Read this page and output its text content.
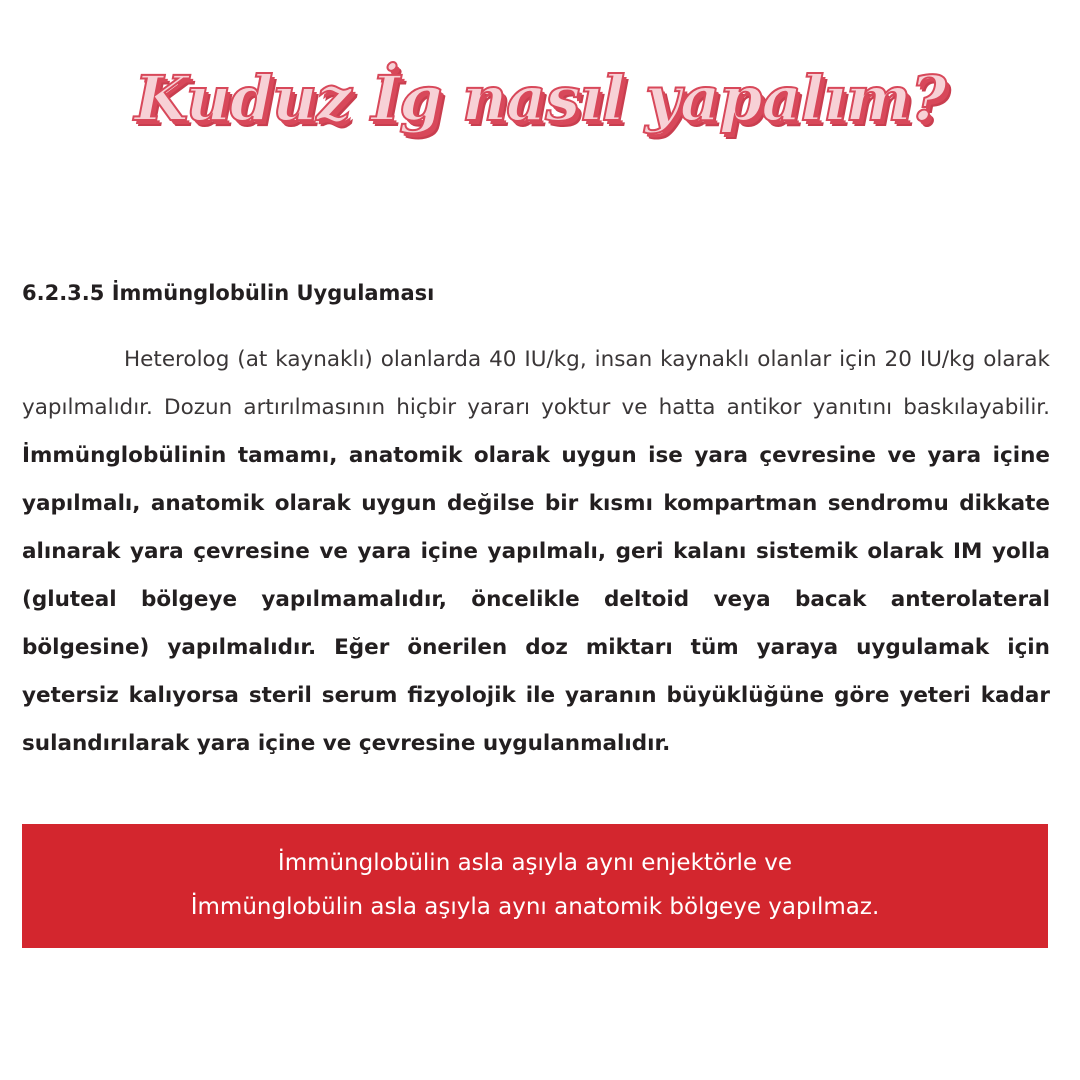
Kuduz İg nasıl yapalım?
6.2.3.5 İmmünglobülin Uygulaması
Heterolog (at kaynaklı) olanlarda 40 IU/kg, insan kaynaklı olanlar için 20 IU/kg olarak yapılmalıdır. Dozun artırılmasının hiçbir yararı yoktur ve hatta antikor yanıtını baskılayabilir. İmmünglobülinin tamamı, anatomik olarak uygun ise yara çevresine ve yara içine yapılmalı, anatomik olarak uygun değilse bir kısmı kompartman sendromu dikkate alınarak yara çevresine ve yara içine yapılmalı, geri kalanı sistemik olarak IM yolla (gluteal bölgeye yapılmamalıdır, öncelikle deltoid veya bacak anterolateral bölgesine) yapılmalıdır. Eğer önerilen doz miktarı tüm yaraya uygulamak için yetersiz kalıyorsa steril serum fizyolojik ile yaranın büyüklüğüne göre yeteri kadar sulandırılarak yara içine ve çevresine uygulanmalıdır.
İmmünglobülin asla aşıyla aynı enjektörle ve
İmmünglobülin asla aşıyla aynı anatomik bölgeye yapılmaz.
